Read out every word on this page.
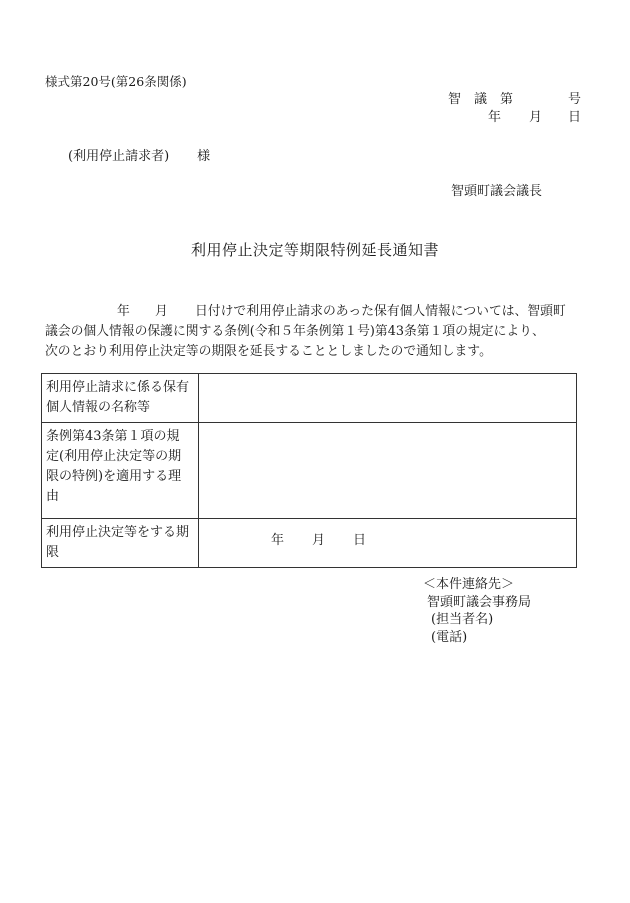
様式第20号(第26条関係)
智 議 第	号
年 月 日
(利用停止請求者) 様
智頭町議会議長
利用停止決定等期限特例延長通知書
年 月 日付けで利用停止請求のあった保有個人情報については、智頭町
議会の個人情報の保護に関する条例(令和５年条例第１号)第43条第１項の規定により、
次のとおり利用停止決定等の期限を延長することとしましたので通知します。
利用停止請求に係る保有個人情報の名称等	
条例第43条第１項の規定(利用停止決定等の期限の特例)を適用する理由	
利用停止決定等をする期限	年 月 日
＜本件連絡先＞
智頭町議会事務局
(担当者名)
(電話)
